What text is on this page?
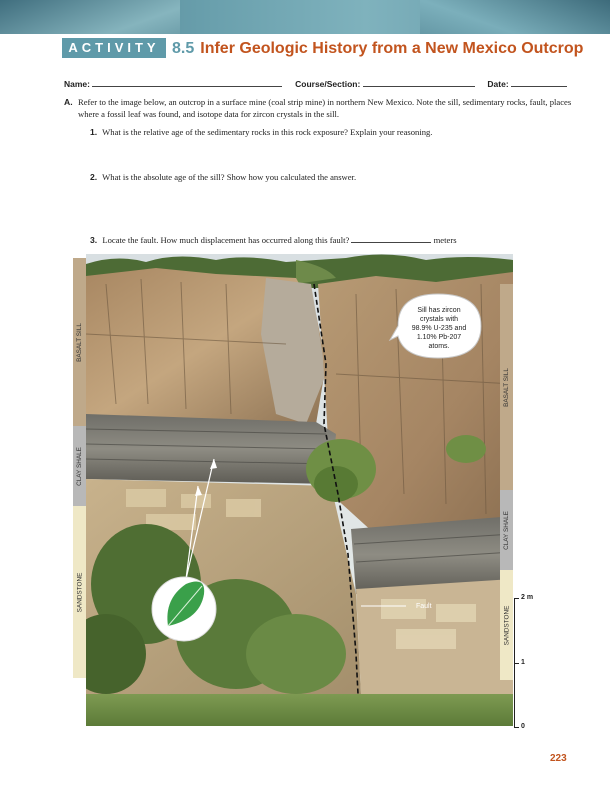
ACTIVITY 8.5 Infer Geologic History from a New Mexico Outcrop
Name:	Course/Section:	Date:
A. Refer to the image below, an outcrop in a surface mine (coal strip mine) in northern New Mexico. Note the sill, sedimentary rocks, fault, places where a fossil leaf was found, and isotope data for zircon crystals in the sill.
1. What is the relative age of the sedimentary rocks in this rock exposure? Explain your reasoning.
2. What is the absolute age of the sill? Show how you calculated the answer.
3. Locate the fault. How much displacement has occurred along this fault?	meters
BASALT SILL
CLAY SHALE
SANDSTONE
Sill has zircon
crystals with
98.9% U-235 and
1.10% Pb-207
atoms.
Fault
BASALT SILL
CLAY SHALE
SANDSTONE
2 m
1
0
223
